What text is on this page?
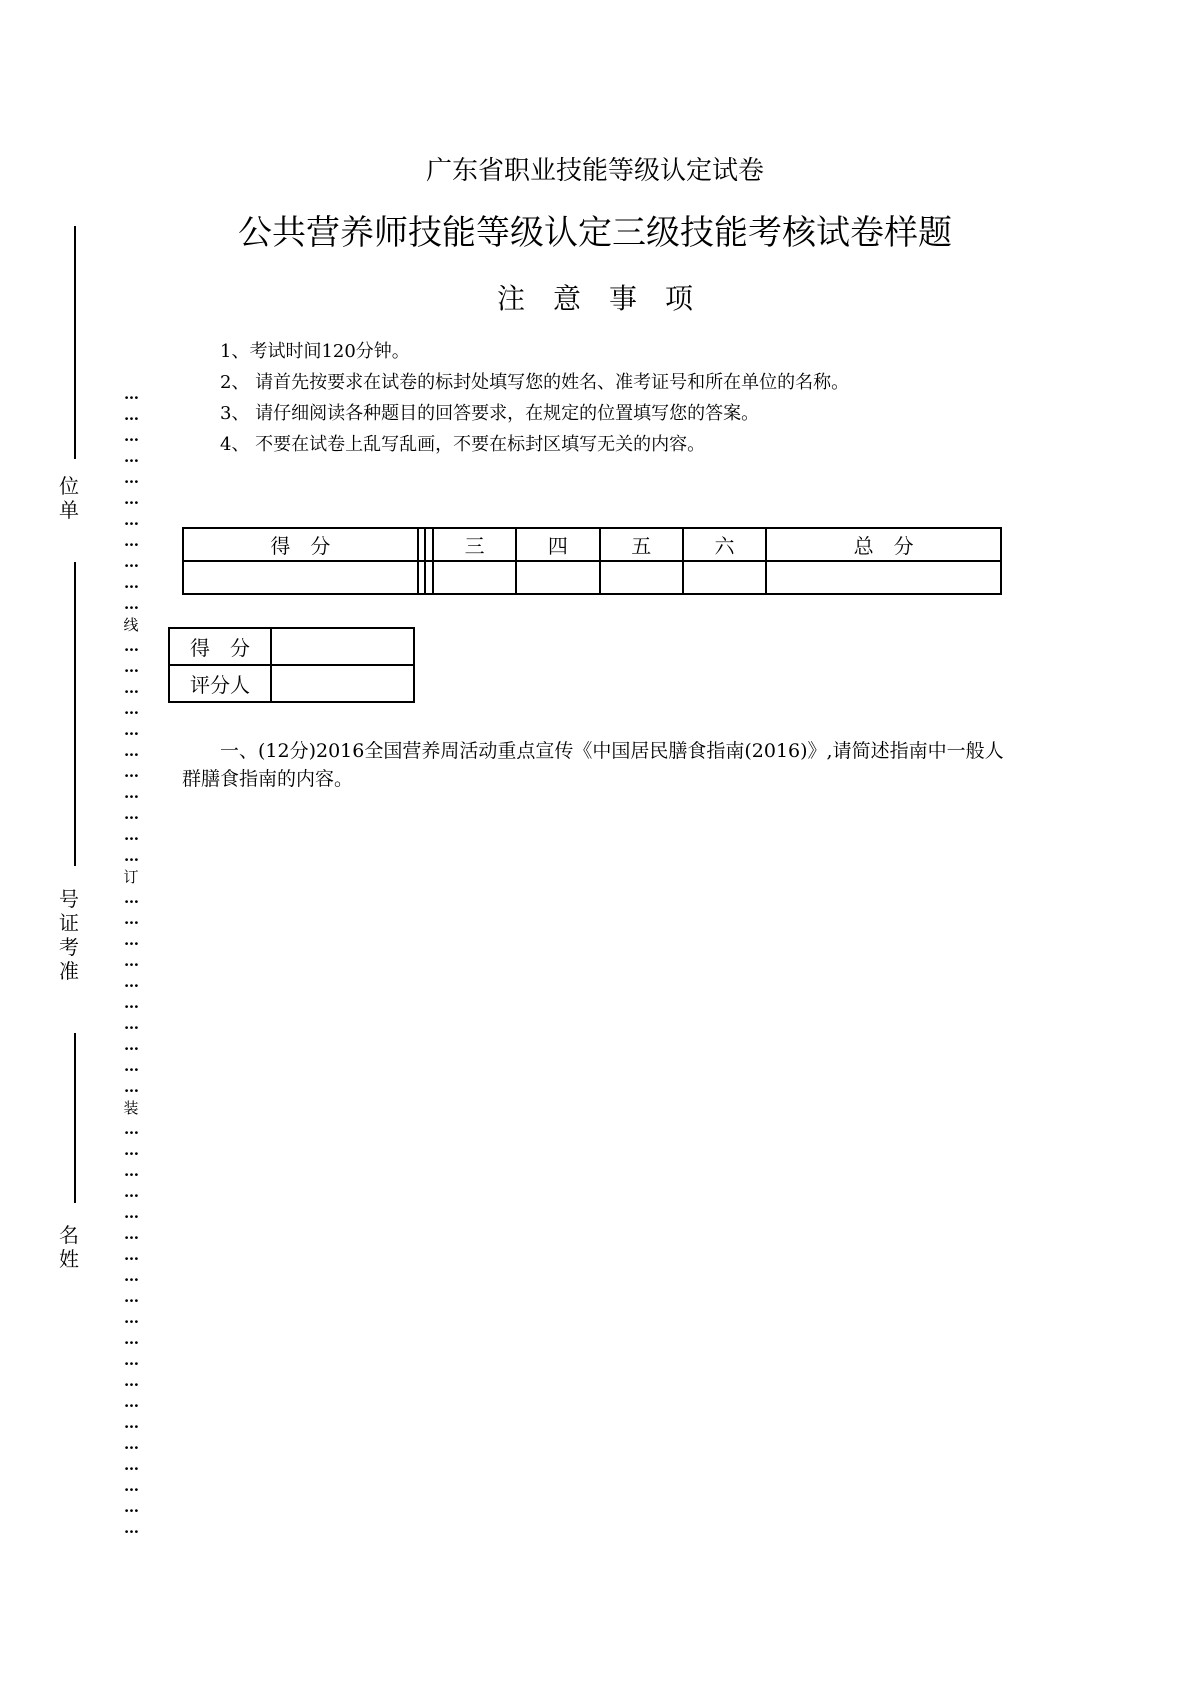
位单
号证考准
名姓
…
…
…
…
…
…
…
…
…
…
…
线
…
…
…
…
…
…
…
…
…
…
…
订
…
…
…
…
…
…
…
…
…
…
装
…
…
…
…
…
…
…
…
…
…
…
…
…
…
…
…
…
…
…
…
广东省职业技能等级认定试卷
公共营养师技能等级认定三级技能考核试卷样题
注　意　事　项
1、考试时间120分钟。
2、 请首先按要求在试卷的标封处填写您的姓名、准考证号和所在单位的名称。
3、 请仔细阅读各种题目的回答要求，在规定的位置填写您的答案。
4、 不要在试卷上乱写乱画，不要在标封区填写无关的内容。
得　分			三	四	五	六	总　分

得　分	
评分人	
一、(12分)2016全国营养周活动重点宣传《中国居民膳食指南(2016)》,请简述指南中一般人群膳食指南的内容。
